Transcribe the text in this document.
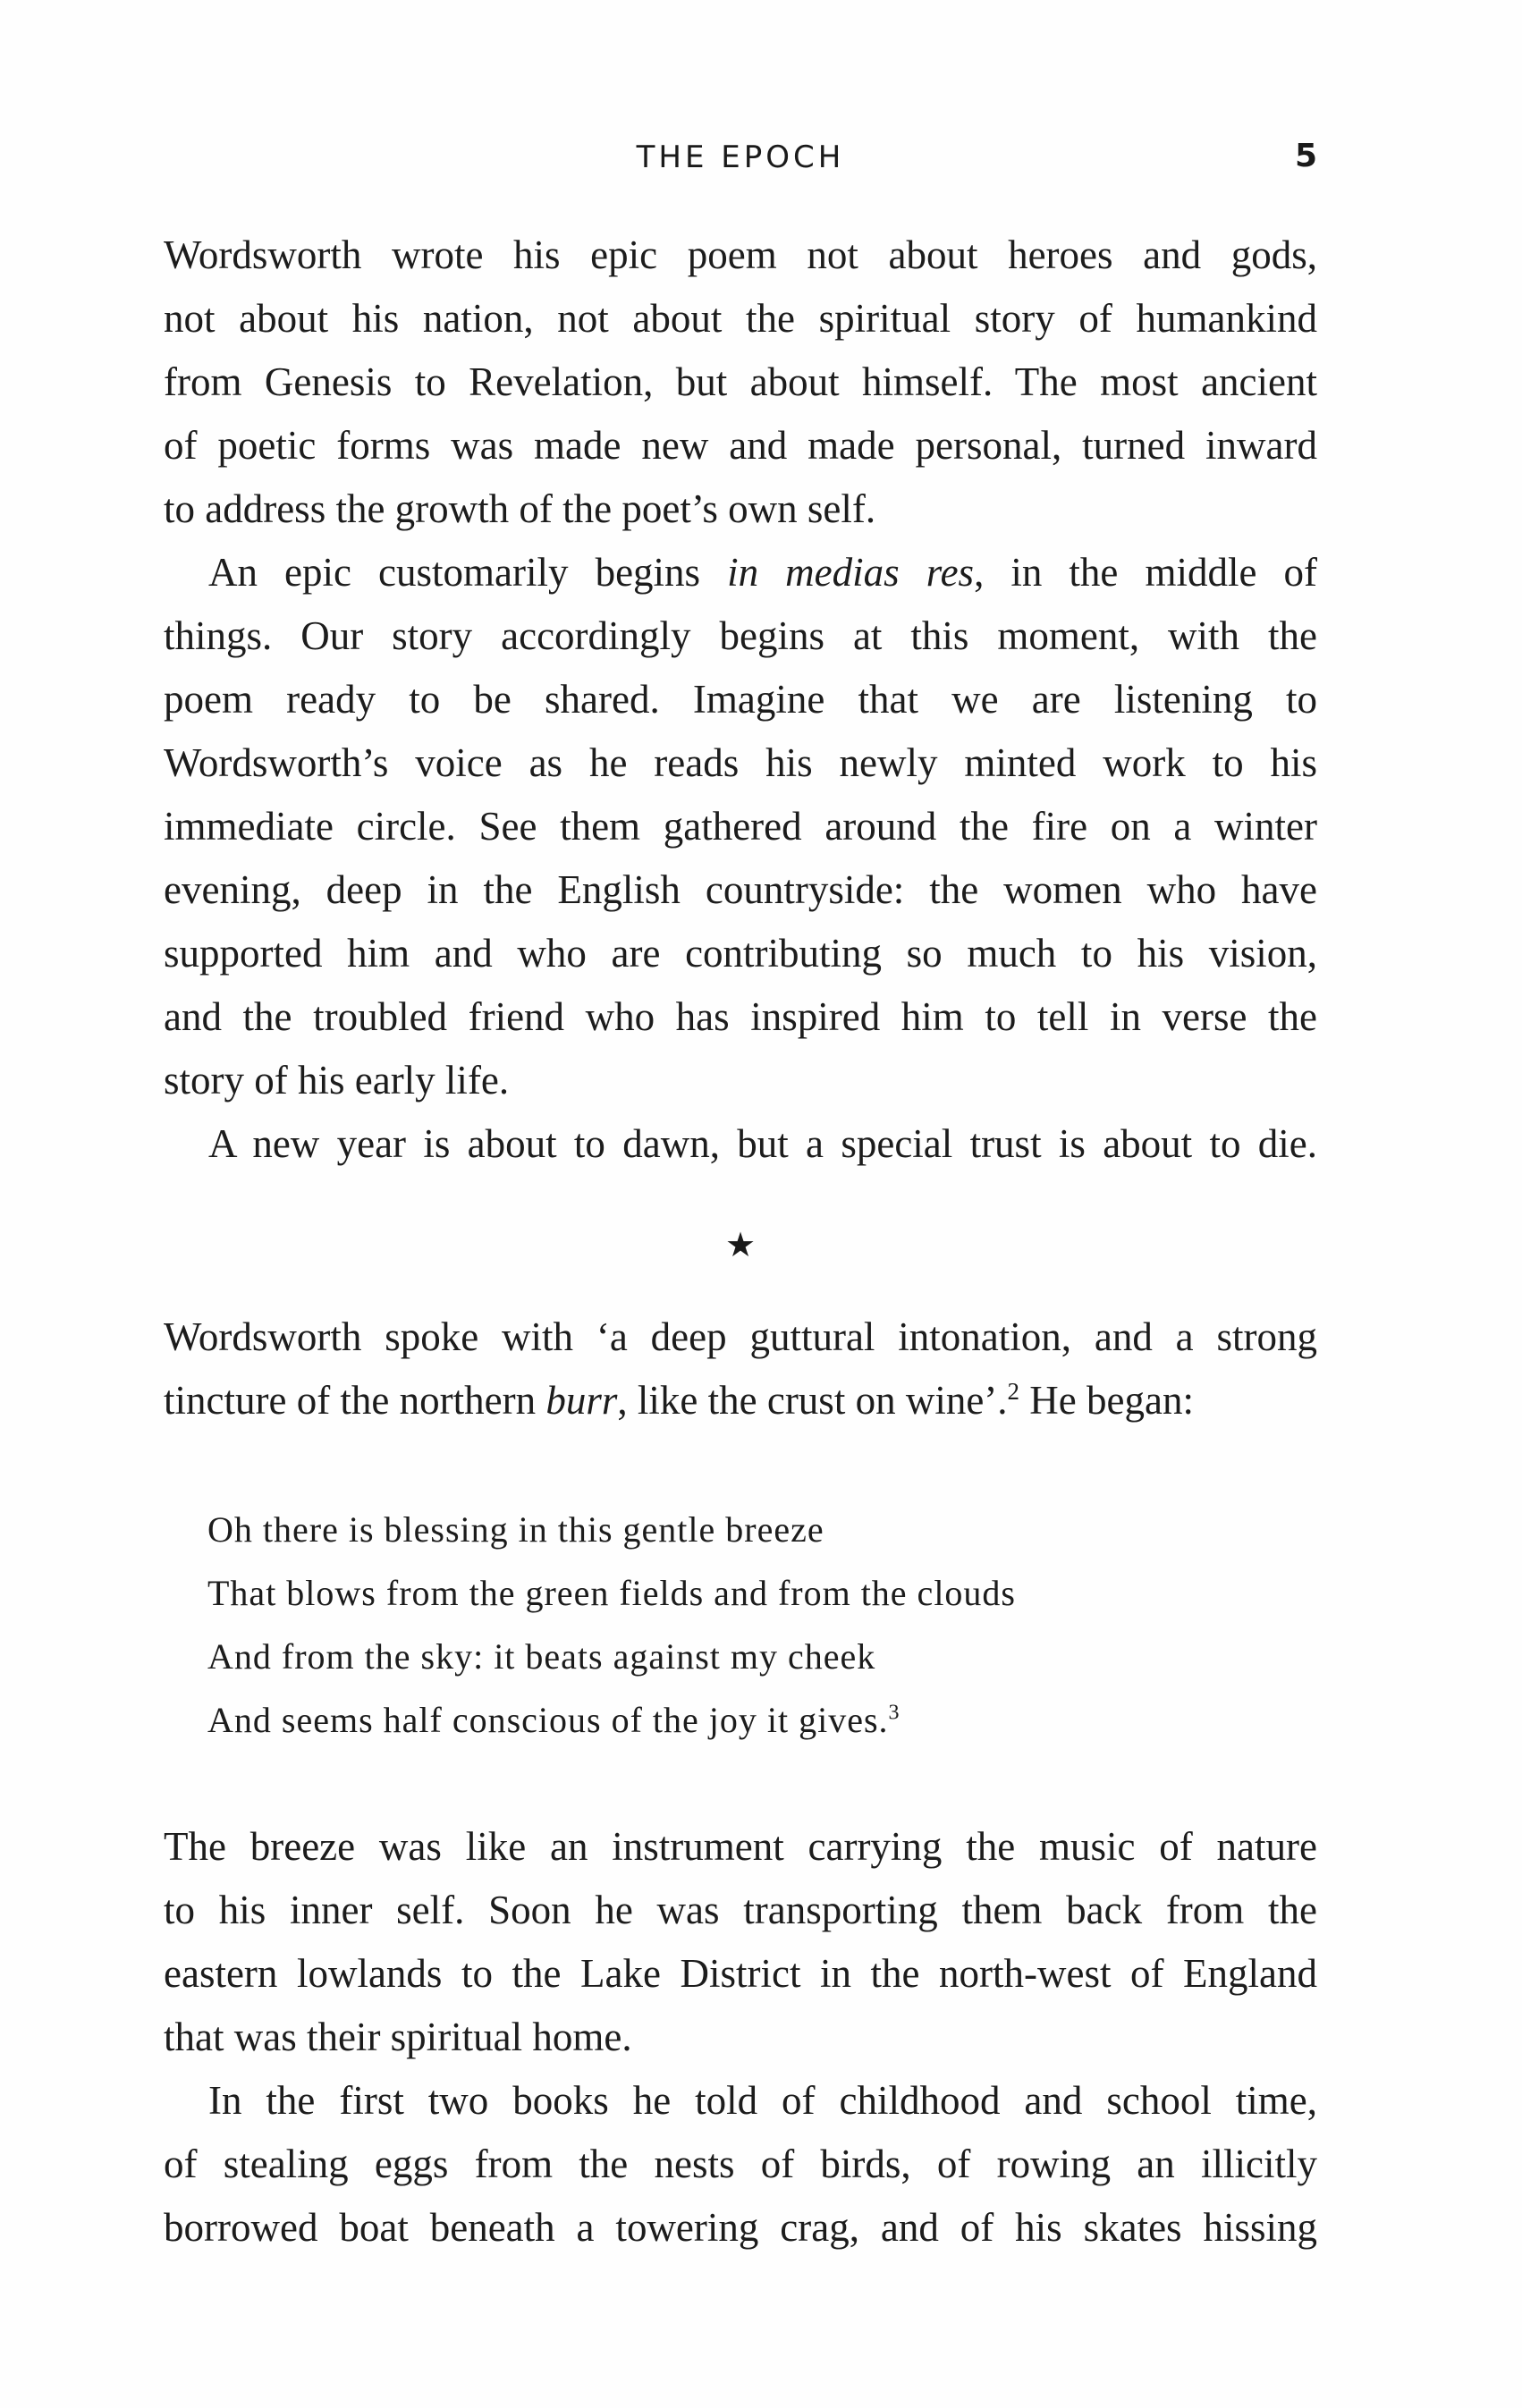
THE EPOCH	5
Wordsworth wrote his epic poem not about heroes and gods,
not about his nation, not about the spiritual story of humankind
from Genesis to Revelation, but about himself. The most ancient
of poetic forms was made new and made personal, turned inward
to address the growth of the poet’s own self.
An epic customarily begins in medias res, in the middle of
things. Our story accordingly begins at this moment, with the
poem ready to be shared. Imagine that we are listening to
Wordsworth’s voice as he reads his newly minted work to his
immediate circle. See them gathered around the fire on a winter
evening, deep in the English countryside: the women who have
supported him and who are contributing so much to his vision,
and the troubled friend who has inspired him to tell in verse the
story of his early life.
A new year is about to dawn, but a special trust is about to die.
★
Wordsworth spoke with ‘a deep guttural intonation, and a strong
tincture of the northern burr, like the crust on wine’.$^2$ He began:
Oh there is blessing in this gentle breeze
That blows from the green fields and from the clouds
And from the sky: it beats against my cheek
And seems half conscious of the joy it gives.$^3$
The breeze was like an instrument carrying the music of nature
to his inner self. Soon he was transporting them back from the
eastern lowlands to the Lake District in the north-west of England
that was their spiritual home.
In the first two books he told of childhood and school time,
of stealing eggs from the nests of birds, of rowing an illicitly
borrowed boat beneath a towering crag, and of his skates hissing
